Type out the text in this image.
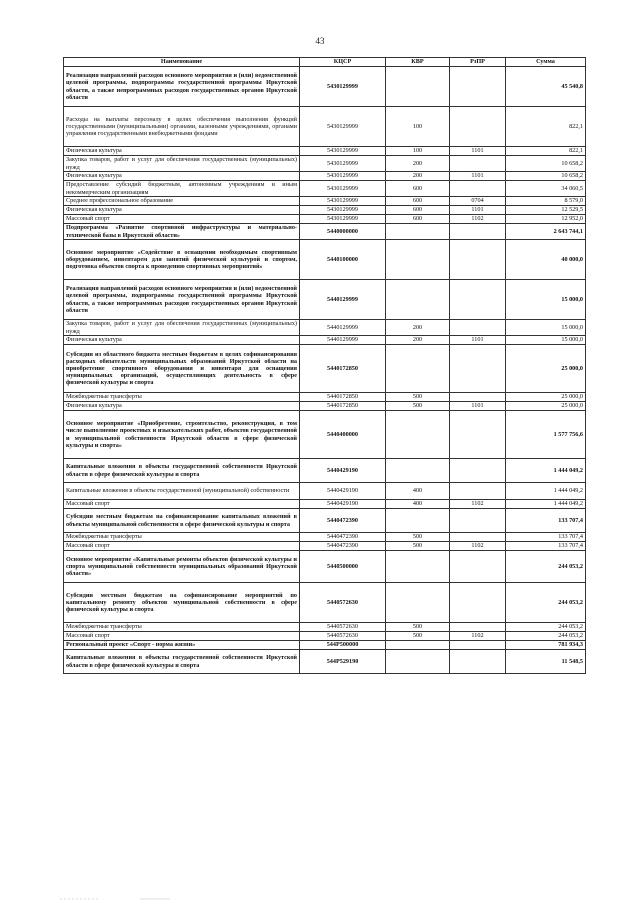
43
Наименование	КЦСР	КВР	РзПР	Сумма
Реализация направлений расходов основного мероприятия и (или) ведомственной целевой программы, подпрограммы государственной программы Иркутской области, а также непрограммных расходов государственных органов Иркутской области	5430129999			45 540,8
Расходы на выплаты персоналу в целях обеспечения выполнения функций государственными (муниципальными) органами, казенными учреждениями, органами управления государственными внебюджетными фондами	5430129999	100		822,1
Физическая культура	5430129999	100	1101	822,1
Закупка товаров, работ и услуг для обеспечения государственных (муниципальных) нужд	5430129999	200		10 658,2
Физическая культура	5430129999	200	1101	10 658,2
Предоставление субсидий бюджетным, автономным учреждениям и иным некоммерческим организациям	5430129999	600		34 060,5
Среднее профессиональное образование	5430129999	600	0704	8 579,0
Физическая культура	5430129999	600	1101	12 529,5
Массовый спорт	5430129999	600	1102	12 952,0
Подпрограмма «Развитие спортивной инфраструктуры и материально- технической базы в Иркутской области»	5440000000			2 643 744,1
Основное мероприятие «Содействие в оснащении необходимым спортивным оборудованием, инвентарем для занятий физической культурой и спортом, подготовка объектов спорта к проведению спортивных мероприятий»	5440100000			40 000,0
Реализация направлений расходов основного мероприятия и (или) ведомственной целевой программы, подпрограммы государственной программы Иркутской области, а также непрограммных расходов государственных органов Иркутской области	5440129999			15 000,0
Закупка товаров, работ и услуг для обеспечения государственных (муниципальных) нужд	5440129999	200		15 000,0
Физическая культура	5440129999	200	1101	15 000,0
Субсидии из областного бюджета местным бюджетам в целях софинансирования расходных обязательств муниципальных образований Иркутской области на приобретение спортивного оборудования и инвентаря для оснащения муниципальных организаций, осуществляющих деятельность в сфере физической культуры и спорта	5440172850			25 000,0
Межбюджетные трансферты	5440172850	500		25 000,0
Физическая культура	5440172850	500	1101	25 000,0
Основное мероприятие «Приобретение, строительство, реконструкция, в том числе выполнение проектных и изыскательских работ, объектов государственной и муниципальной собственности Иркутской области в сфере физической культуры и спорта»	5440400000			1 577 756,6
Капитальные вложения в объекты государственной собственности Иркутской области в сфере физической культуры и спорта	5440429190			1 444 049,2
Капитальные вложения в объекты государственной (муниципальной) собственности	5440429190	400		1 444 049,2
Массовый спорт	5440429190	400	1102	1 444 049,2
Субсидии местным бюджетам на софинансирование капитальных вложений в объекты муниципальной собственности в сфере физической культуры и спорта	5440472390			133 707,4
Межбюджетные трансферты	5440472390	500		133 707,4
Массовый спорт	5440472390	500	1102	133 707,4
Основное мероприятие «Капитальные ремонты объектов физической культуры и спорта муниципальной собственности муниципальных образований Иркутской области»	5440500000			244 053,2
Субсидии местным бюджетам на софинансирование мероприятий по капитальному ремонту объектов муниципальной собственности в сфере физической культуры и спорта	5440572630			244 053,2
Межбюджетные трансферты	5440572630	500		244 053,2
Массовый спорт	5440572630	500	1102	244 053,2
Региональный проект «Спорт - норма жизни»	544P500000			781 934,3
Капитальные вложения в объекты государственной собственности Иркутской области в сфере физической культуры и спорта	544P529190			11 548,5
